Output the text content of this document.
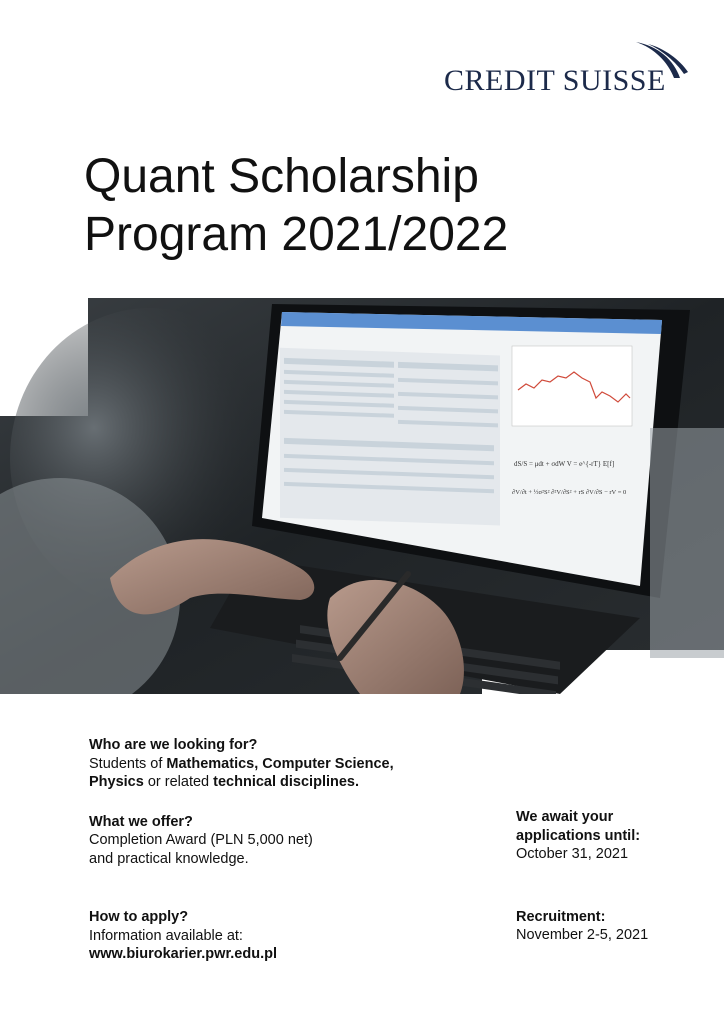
CREDIT SUISSE
Quant Scholarship
Program 2021/2022
dS/S = μdt + σdW V = e^{-rT} E[f]
∂V/∂t + ½σ²S² ∂²V/∂S² + rS ∂V/∂S − rV = 0
Who are we looking for?
Students of Mathematics, Computer Science,
Physics or related technical disciplines.
What we offer?
Completion Award (PLN 5,000 net)
and practical knowledge.
How to apply?
Information available at:
www.biurokarier.pwr.edu.pl
We await your
applications until:
October 31, 2021
Recruitment:
November 2-5, 2021
